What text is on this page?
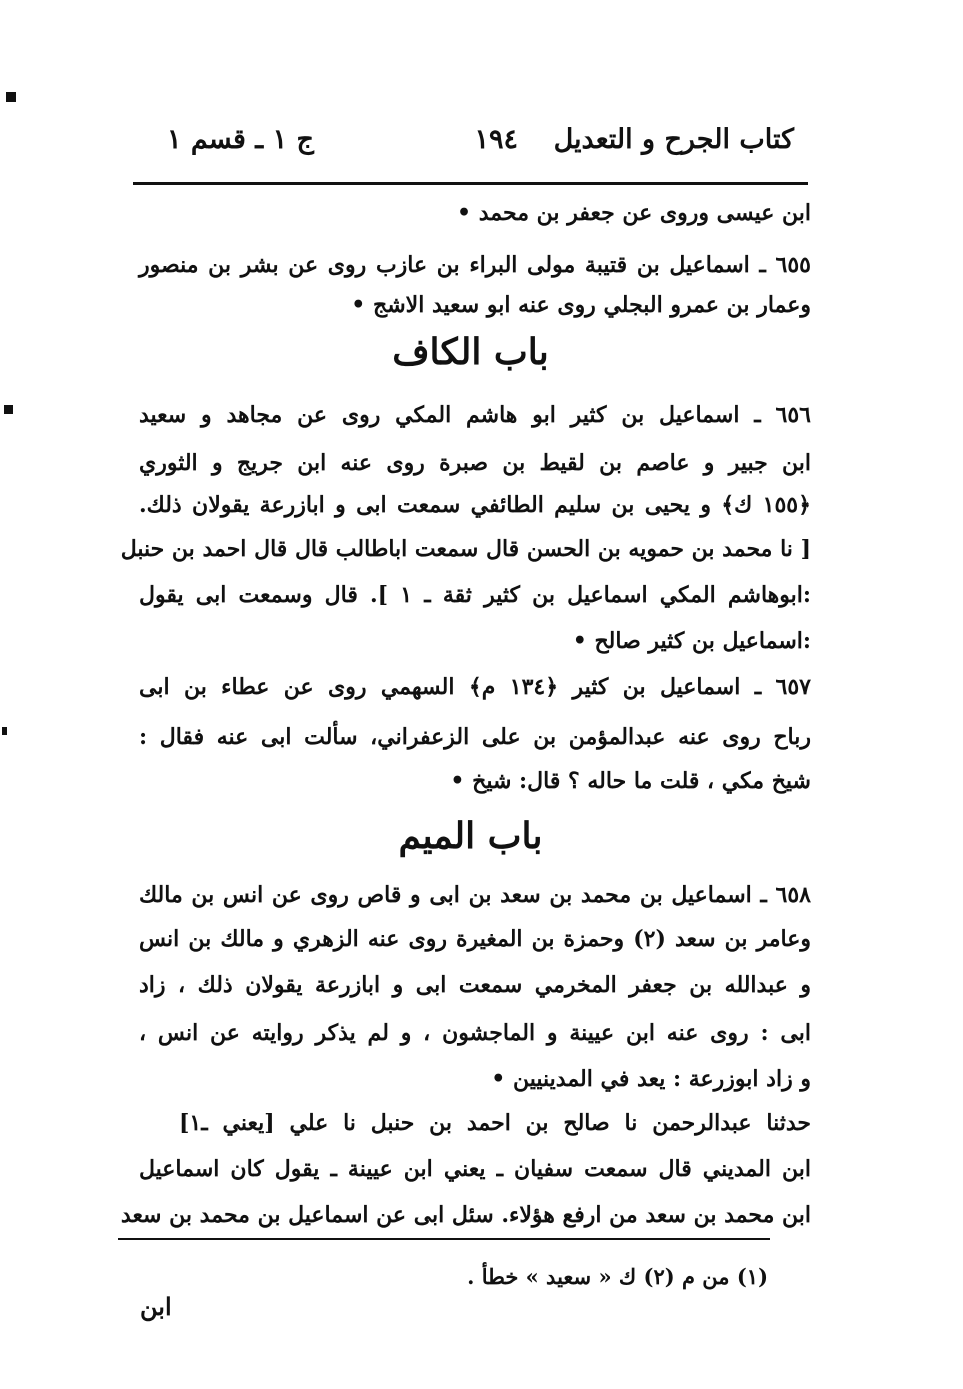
كتاب الجرح و التعديل
١٩٤
ج ١ ـ قسم ١
ابن عيسى وروى عن جعفر بن محمد •
٦٥٥ ـ اسماعيل بن قتيبة مولى البراء بن عازب روى عن بشر بن منصور
وعمار بن عمرو البجلي روى عنه ابو سعيد الاشج •
باب الكاف
٦٥٦ ـ اسماعيل بن كثير ابو هاشم المكي روى عن مجاهد و سعيد
ابن جبير و عاصم بن لقيط بن صبرة روى عنه ابن جريج و الثوري
﴿١٥٥ ك﴾ و يحيى بن سليم الطائفي سمعت ابى و ابازرعة يقولان ذلك.
[ نا محمد بن حمويه بن الحسن قال سمعت اباطالب قال قال احمد بن حنبل
:ابوهاشم المكي اسماعيل بن كثير ثقة ـ ١ ]. قال وسمعت ابى يقول
:اسماعيل بن كثير صالح •
٦٥٧ ـ اسماعيل بن كثير ﴿١٣٤ م﴾ السهمي روى عن عطاء بن ابى
رباح روى عنه عبدالمؤمن بن على الزعفراني، سألت ابى عنه فقال :
شيخ مكي ، قلت ما حاله ؟ قال: شيخ •
باب الميم
٦٥٨ ـ اسماعيل بن محمد بن سعد بن ابى و قاص روى عن انس بن مالك
وعامر بن سعد (٢) وحمزة بن المغيرة روى عنه الزهري و مالك بن انس
و عبدالله بن جعفر المخرمي سمعت ابى و ابازرعة يقولان ذلك ، زاد
ابى : روى عنه ابن عيينة و الماجشون ، و لم يذكر روايته عن انس ،
و زاد ابوزرعة : يعد في المدينيين •
حدثنا عبدالرحمن نا صالح بن احمد بن حنبل نا علي [يعني ـ١]
ابن المديني قال سمعت سفيان ـ يعني ابن عيينة ـ يقول كان اسماعيل
ابن محمد بن سعد من ارفع هؤلاء. سئل ابى عن اسماعيل بن محمد بن سعد
(١) من م (٢) ك « سعيد » خطأ .
ابن
